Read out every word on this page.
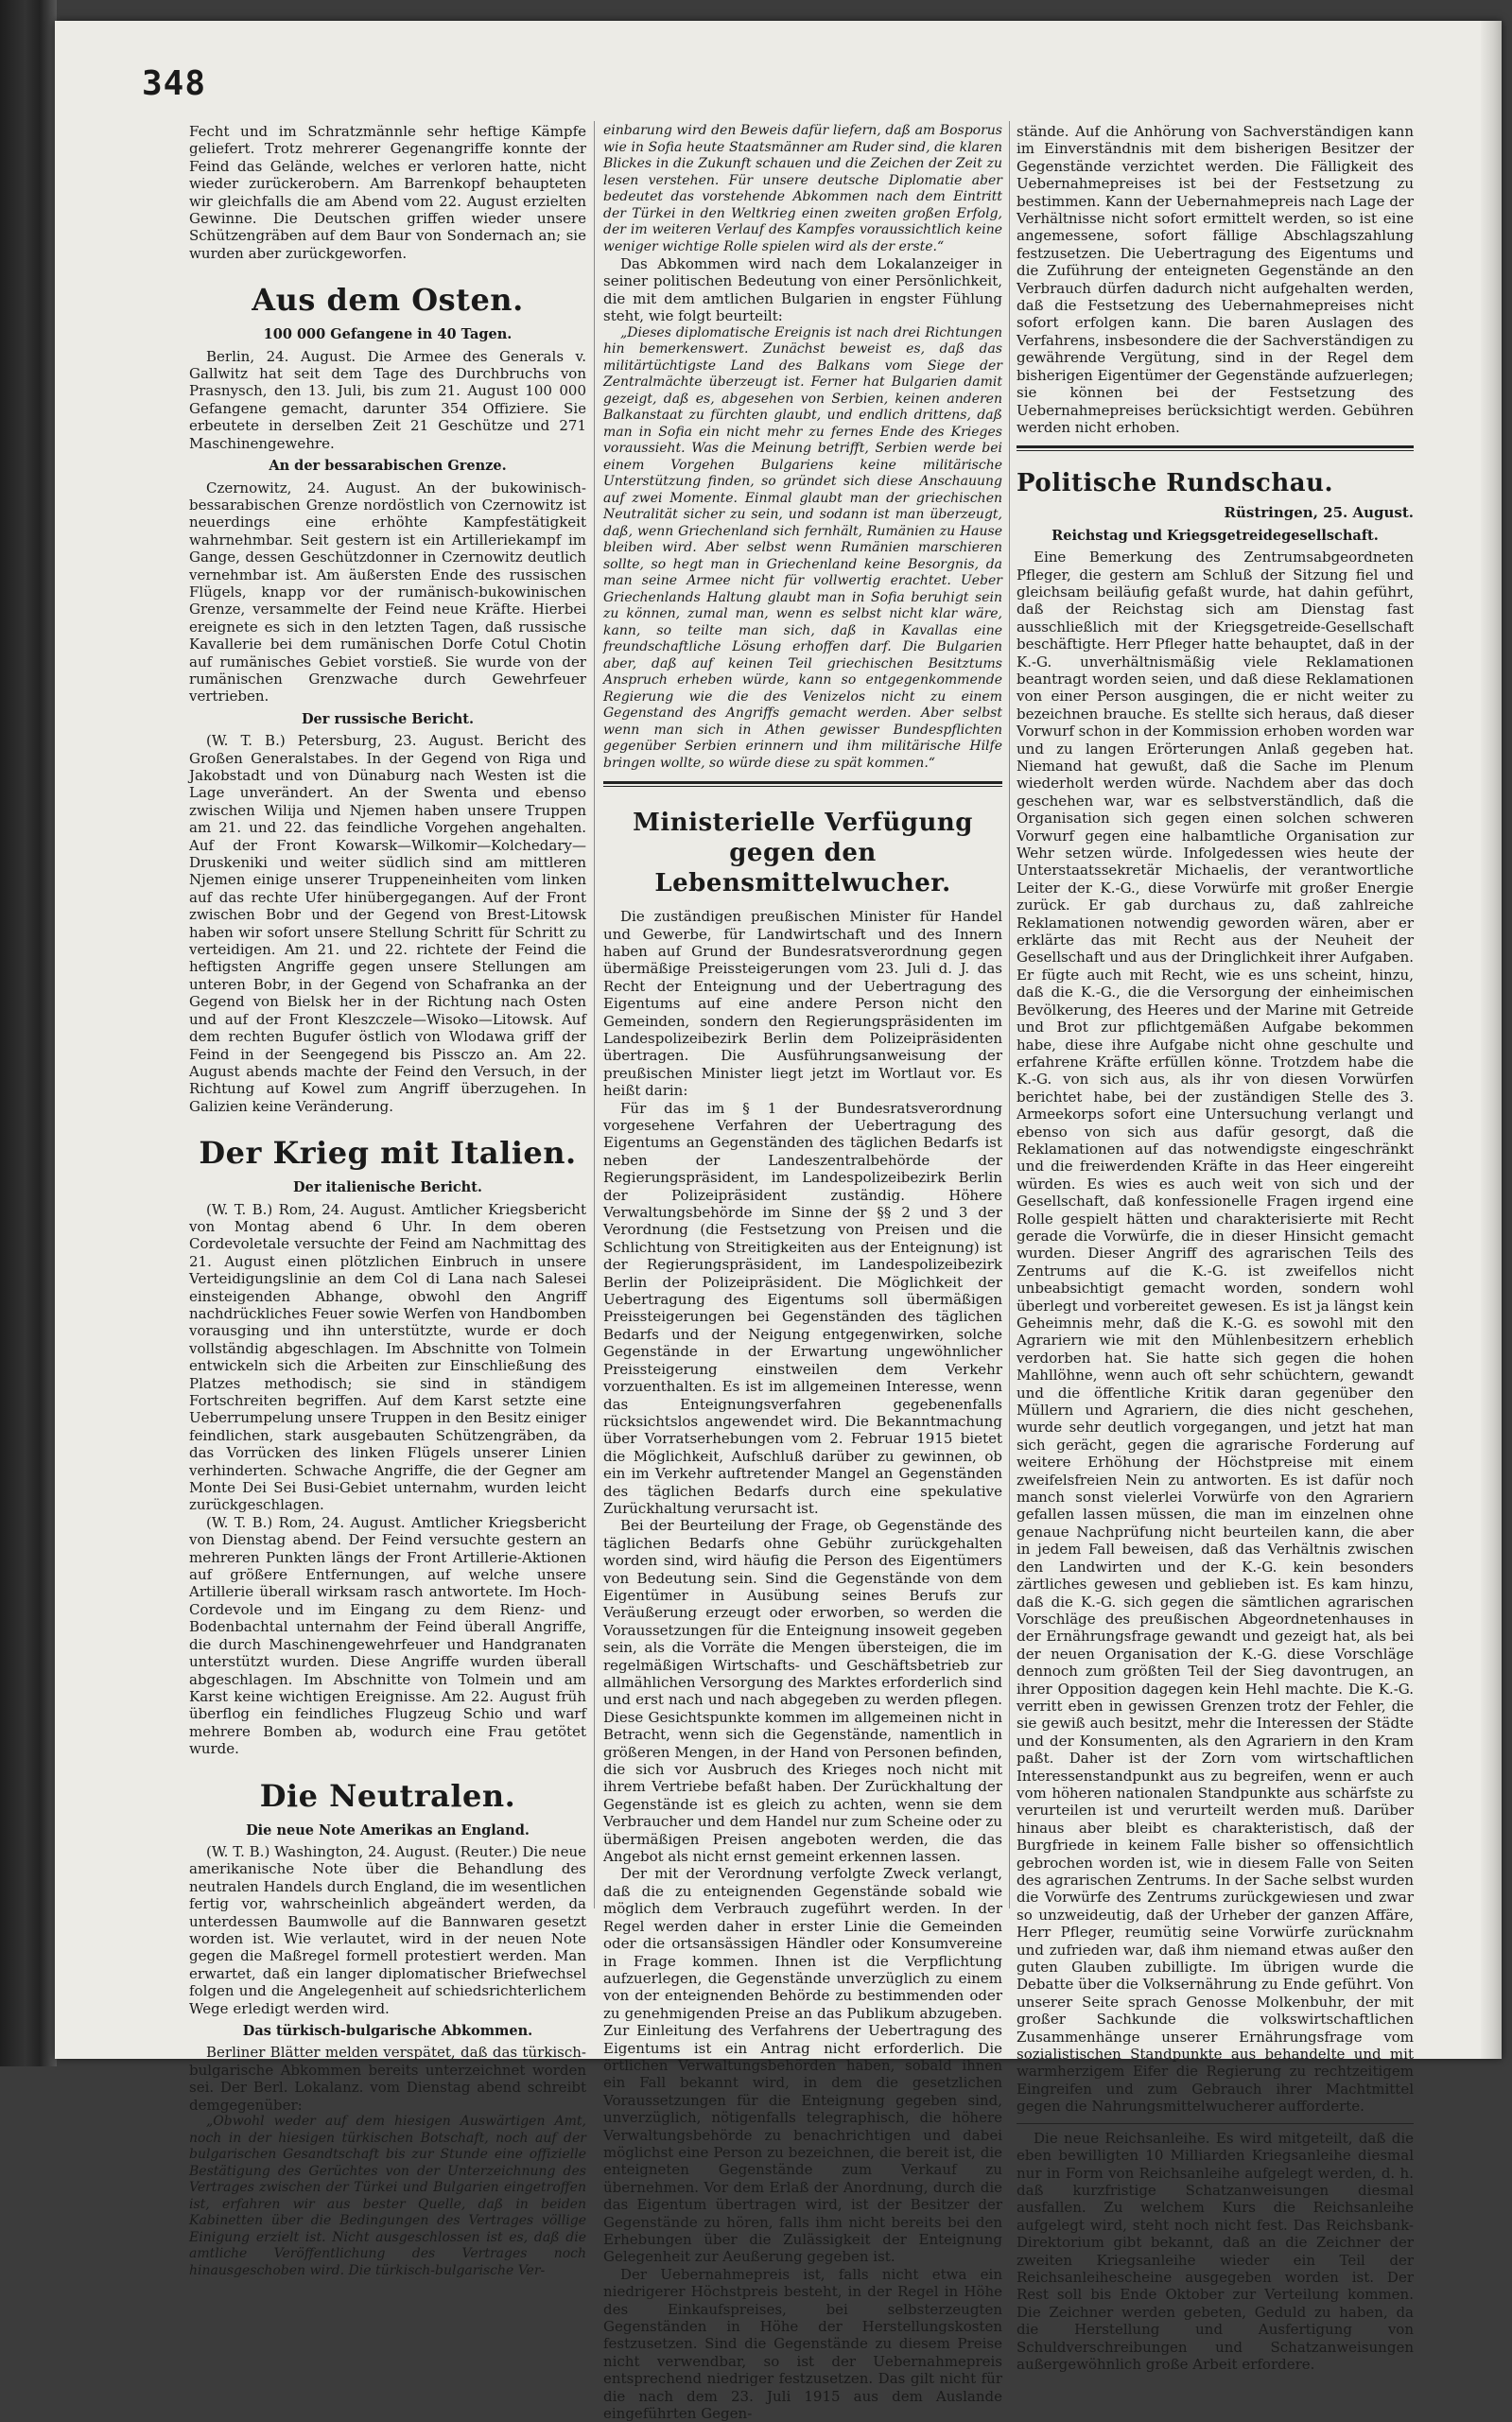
348

Fecht und im Schratzmännle sehr heftige Kämpfe geliefert. Trotz mehrerer Gegenangriffe konnte der Feind das Gelände, welches er verloren hatte, nicht wieder zurückerobern. Am Barrenkopf behaupteten wir gleichfalls die am Abend vom 22. August erzielten Gewinne. Die Deutschen griffen wieder unsere Schützengräben auf dem Baur von Sondernach an; sie wurden aber zurückgeworfen.

Aus dem Osten.
100 000 Gefangene in 40 Tagen.

Berlin, 24. August. Die Armee des Generals v. Gallwitz hat seit dem Tage des Durchbruchs von Prasnysch, den 13. Juli, bis zum 21. August 100 000 Gefangene gemacht, darunter 354 Offiziere. Sie erbeutete in derselben Zeit 21 Geschütze und 271 Maschinengewehre.

An der bessarabischen Grenze.

Czernowitz, 24. August. An der bukowinisch-bessarabischen Grenze nordöstlich von Czernowitz ist neuerdings eine erhöhte Kampfestätigkeit wahrnehmbar. Seit gestern ist ein Artilleriekampf im Gange, dessen Geschützdonner in Czernowitz deutlich vernehmbar ist. Am äußersten Ende des russischen Flügels, knapp vor der rumänisch-bukowinischen Grenze, versammelte der Feind neue Kräfte. Hierbei ereignete es sich in den letzten Tagen, daß russische Kavallerie bei dem rumänischen Dorfe Cotul Chotin auf rumänisches Gebiet vorstieß. Sie wurde von der rumänischen Grenzwache durch Gewehrfeuer vertrieben.

Der russische Bericht.

(W. T. B.) Petersburg, 23. August. Bericht des Großen Generalstabes. In der Gegend von Riga und Jakobstadt und von Dünaburg nach Westen ist die Lage unverändert. An der Swenta und ebenso zwischen Wilija und Njemen haben unsere Truppen am 21. und 22. das feindliche Vorgehen angehalten. Auf der Front Kowarsk—Wilkomir—Kolchedary—Druskeniki und weiter südlich sind am mittleren Njemen einige unserer Truppeneinheiten vom linken auf das rechte Ufer hinübergegangen. Auf der Front zwischen Bobr und der Gegend von Brest-Litowsk haben wir sofort unsere Stellung Schritt für Schritt zu verteidigen. Am 21. und 22. richtete der Feind die heftigsten Angriffe gegen unsere Stellungen am unteren Bobr, in der Gegend von Schafranka an der Gegend von Bielsk her in der Richtung nach Osten und auf der Front Kleszczele—Wisoko—Litowsk. Auf dem rechten Bugufer östlich von Wlodawa griff der Feind in der Seengegend bis Pissczo an. Am 22. August abends machte der Feind den Versuch, in der Richtung auf Kowel zum Angriff überzugehen. In Galizien keine Veränderung.

Der Krieg mit Italien.
Der italienische Bericht.

(W. T. B.) Rom, 24. August. Amtlicher Kriegsbericht von Montag abend 6 Uhr. In dem oberen Cordevoletale versuchte der Feind am Nachmittag des 21. August einen plötzlichen Einbruch in unsere Verteidigungslinie an dem Col di Lana nach Salesei einsteigenden Abhange, obwohl den Angriff nachdrückliches Feuer sowie Werfen von Handbomben vorausging und ihn unterstützte, wurde er doch vollständig abgeschlagen. Im Abschnitte von Tolmein entwickeln sich die Arbeiten zur Einschließung des Platzes methodisch; sie sind in ständigem Fortschreiten begriffen. Auf dem Karst setzte eine Ueberrumpelung unsere Truppen in den Besitz einiger feindlichen, stark ausgebauten Schützengräben, da das Vorrücken des linken Flügels unserer Linien verhinderten. Schwache Angriffe, die der Gegner am Monte Dei Sei Busi-Gebiet unternahm, wurden leicht zurückgeschlagen.

(W. T. B.) Rom, 24. August. Amtlicher Kriegsbericht von Dienstag abend. Der Feind versuchte gestern an mehreren Punkten längs der Front Artillerie-Aktionen auf größere Entfernungen, auf welche unsere Artillerie überall wirksam rasch antwortete. Im Hoch-Cordevole und im Eingang zu dem Rienz- und Bodenbachtal unternahm der Feind überall Angriffe, die durch Maschinengewehrfeuer und Handgranaten unterstützt wurden. Diese Angriffe wurden überall abgeschlagen. Im Abschnitte von Tolmein und am Karst keine wichtigen Ereignisse. Am 22. August früh überflog ein feindliches Flugzeug Schio und warf mehrere Bomben ab, wodurch eine Frau getötet wurde.

Die Neutralen.
Die neue Note Amerikas an England.

(W. T. B.) Washington, 24. August. (Reuter.) Die neue amerikanische Note über die Behandlung des neutralen Handels durch England, die im wesentlichen fertig vor, wahrscheinlich abgeändert werden, da unterdessen Baumwolle auf die Bannwaren gesetzt worden ist. Wie verlautet, wird in der neuen Note gegen die Maßregel formell protestiert werden. Man erwartet, daß ein langer diplomatischer Briefwechsel folgen und die Angelegenheit auf schiedsrichterlichem Wege erledigt werden wird.

Das türkisch-bulgarische Abkommen.

Berliner Blätter melden verspätet, daß das türkisch-bulgarische Abkommen bereits unterzeichnet worden sei. Der Berl. Lokalanz. vom Dienstag abend schreibt demgegenüber:

„Obwohl weder auf dem hiesigen Auswärtigen Amt, noch in der hiesigen türkischen Botschaft, noch auf der bulgarischen Gesandtschaft bis zur Stunde eine offizielle Bestätigung des Gerüchtes von der Unterzeichnung des Vertrages zwischen der Türkei und Bulgarien eingetroffen ist, erfahren wir aus bester Quelle, daß in beiden Kabinetten über die Bedingungen des Vertrages völlige Einigung erzielt ist. Nicht ausgeschlossen ist es, daß die amtliche Veröffentlichung des Vertrages noch hinausgeschoben wird. Die türkisch-bulgarische Ver-

einbarung wird den Beweis dafür liefern, daß am Bosporus wie in Sofia heute Staatsmänner am Ruder sind, die klaren Blickes in die Zukunft schauen und die Zeichen der Zeit zu lesen verstehen. Für unsere deutsche Diplomatie aber bedeutet das vorstehende Abkommen nach dem Eintritt der Türkei in den Weltkrieg einen zweiten großen Erfolg, der im weiteren Verlauf des Kampfes voraussichtlich keine weniger wichtige Rolle spielen wird als der erste.“

Das Abkommen wird nach dem Lokalanzeiger in seiner politischen Bedeutung von einer Persönlichkeit, die mit dem amtlichen Bulgarien in engster Fühlung steht, wie folgt beurteilt:

„Dieses diplomatische Ereignis ist nach drei Richtungen hin bemerkenswert. Zunächst beweist es, daß das militärtüchtigste Land des Balkans vom Siege der Zentralmächte überzeugt ist. Ferner hat Bulgarien damit gezeigt, daß es, abgesehen von Serbien, keinen anderen Balkanstaat zu fürchten glaubt, und endlich drittens, daß man in Sofia ein nicht mehr zu fernes Ende des Krieges voraussieht. Was die Meinung betrifft, Serbien werde bei einem Vorgehen Bulgariens keine militärische Unterstützung finden, so gründet sich diese Anschauung auf zwei Momente. Einmal glaubt man der griechischen Neutralität sicher zu sein, und sodann ist man überzeugt, daß, wenn Griechenland sich fernhält, Rumänien zu Hause bleiben wird. Aber selbst wenn Rumänien marschieren sollte, so hegt man in Griechenland keine Besorgnis, da man seine Armee nicht für vollwertig erachtet. Ueber Griechenlands Haltung glaubt man in Sofia beruhigt sein zu können, zumal man, wenn es selbst nicht klar wäre, kann, so teilte man sich, daß in Kavallas eine freundschaftliche Lösung erhoffen darf. Die Bulgarien aber, daß auf keinen Teil griechischen Besitztums Anspruch erheben würde, kann so entgegenkommende Regierung wie die des Venizelos nicht zu einem Gegenstand des Angriffs gemacht werden. Aber selbst wenn man sich in Athen gewisser Bundespflichten gegenüber Serbien erinnern und ihm militärische Hilfe bringen wollte, so würde diese zu spät kommen.“

Ministerielle Verfügung gegen den Lebensmittelwucher.

Die zuständigen preußischen Minister für Handel und Gewerbe, für Landwirtschaft und des Innern haben auf Grund der Bundesratsverordnung gegen übermäßige Preissteigerungen vom 23. Juli d. J. das Recht der Enteignung und der Uebertragung des Eigentums auf eine andere Person nicht den Gemeinden, sondern den Regierungspräsidenten im Landespolizeibezirk Berlin dem Polizeipräsidenten übertragen. Die Ausführungsanweisung der preußischen Minister liegt jetzt im Wortlaut vor. Es heißt darin:

Für das im § 1 der Bundesratsverordnung vorgesehene Verfahren der Uebertragung des Eigentums an Gegenständen des täglichen Bedarfs ist neben der Landeszentralbehörde der Regierungspräsident, im Landespolizeibezirk Berlin der Polizeipräsident zuständig. Höhere Verwaltungsbehörde im Sinne der §§ 2 und 3 der Verordnung (die Festsetzung von Preisen und die Schlichtung von Streitigkeiten aus der Enteignung) ist der Regierungspräsident, im Landespolizeibezirk Berlin der Polizeipräsident. Die Möglichkeit der Uebertragung des Eigentums soll übermäßigen Preissteigerungen bei Gegenständen des täglichen Bedarfs und der Neigung entgegenwirken, solche Gegenstände in der Erwartung ungewöhnlicher Preissteigerung einstweilen dem Verkehr vorzuenthalten. Es ist im allgemeinen Interesse, wenn das Enteignungsverfahren gegebenenfalls rücksichtslos angewendet wird. Die Bekanntmachung über Vorratserhebungen vom 2. Februar 1915 bietet die Möglichkeit, Aufschluß darüber zu gewinnen, ob ein im Verkehr auftretender Mangel an Gegenständen des täglichen Bedarfs durch eine spekulative Zurückhaltung verursacht ist.

Bei der Beurteilung der Frage, ob Gegenstände des täglichen Bedarfs ohne Gebühr zurückgehalten worden sind, wird häufig die Person des Eigentümers von Bedeutung sein. Sind die Gegenstände von dem Eigentümer in Ausübung seines Berufs zur Veräußerung erzeugt oder erworben, so werden die Voraussetzungen für die Enteignung insoweit gegeben sein, als die Vorräte die Mengen übersteigen, die im regelmäßigen Wirtschafts- und Geschäftsbetrieb zur allmählichen Versorgung des Marktes erforderlich sind und erst nach und nach abgegeben zu werden pflegen. Diese Gesichtspunkte kommen im allgemeinen nicht in Betracht, wenn sich die Gegenstände, namentlich in größeren Mengen, in der Hand von Personen befinden, die sich vor Ausbruch des Krieges noch nicht mit ihrem Vertriebe befaßt haben. Der Zurückhaltung der Gegenstände ist es gleich zu achten, wenn sie dem Verbraucher und dem Handel nur zum Scheine oder zu übermäßigen Preisen angeboten werden, die das Angebot als nicht ernst gemeint erkennen lassen.

Der mit der Verordnung verfolgte Zweck verlangt, daß die zu enteignenden Gegenstände sobald wie möglich dem Verbrauch zugeführt werden. In der Regel werden daher in erster Linie die Gemeinden oder die ortsansässigen Händler oder Konsumvereine in Frage kommen. Ihnen ist die Verpflichtung aufzuerlegen, die Gegenstände unverzüglich zu einem von der enteignenden Behörde zu bestimmenden oder zu genehmigenden Preise an das Publikum abzugeben. Zur Einleitung des Verfahrens der Uebertragung des Eigentums ist ein Antrag nicht erforderlich. Die örtlichen Verwaltungsbehörden haben, sobald ihnen ein Fall bekannt wird, in dem die gesetzlichen Voraussetzungen für die Enteignung gegeben sind, unverzüglich, nötigenfalls telegraphisch, die höhere Verwaltungsbehörde zu benachrichtigen und dabei möglichst eine Person zu bezeichnen, die bereit ist, die enteigneten Gegenstände zum Verkauf zu übernehmen. Vor dem Erlaß der Anordnung, durch die das Eigentum übertragen wird, ist der Besitzer der Gegenstände zu hören, falls ihm nicht bereits bei den Erhebungen über die Zulässigkeit der Enteignung Gelegenheit zur Aeußerung gegeben ist.

Der Uebernahmepreis ist, falls nicht etwa ein niedrigerer Höchstpreis besteht, in der Regel in Höhe des Einkaufspreises, bei selbsterzeugten Gegenständen in Höhe der Herstellungskosten festzusetzen. Sind die Gegenstände zu diesem Preise nicht verwendbar, so ist der Uebernahmepreis entsprechend niedriger festzusetzen. Das gilt nicht für die nach dem 23. Juli 1915 aus dem Auslande eingeführten Gegen-

stände. Auf die Anhörung von Sachverständigen kann im Einverständnis mit dem bisherigen Besitzer der Gegenstände verzichtet werden. Die Fälligkeit des Uebernahmepreises ist bei der Festsetzung zu bestimmen. Kann der Uebernahmepreis nach Lage der Verhältnisse nicht sofort ermittelt werden, so ist eine angemessene, sofort fällige Abschlagszahlung festzusetzen. Die Uebertragung des Eigentums und die Zuführung der enteigneten Gegenstände an den Verbrauch dürfen dadurch nicht aufgehalten werden, daß die Festsetzung des Uebernahmepreises nicht sofort erfolgen kann. Die baren Auslagen des Verfahrens, insbesondere die der Sachverständigen zu gewährende Vergütung, sind in der Regel dem bisherigen Eigentümer der Gegenstände aufzuerlegen; sie können bei der Festsetzung des Uebernahmepreises berücksichtigt werden. Gebühren werden nicht erhoben.

Politische Rundschau.
Rüstringen, 25. August.
Reichstag und Kriegsgetreidegesellschaft.

Eine Bemerkung des Zentrumsabgeordneten Pfleger, die gestern am Schluß der Sitzung fiel und gleichsam beiläufig gefaßt wurde, hat dahin geführt, daß der Reichstag sich am Dienstag fast ausschließlich mit der Kriegsgetreide-Gesellschaft beschäftigte. Herr Pfleger hatte behauptet, daß in der K.-G. unverhältnismäßig viele Reklamationen beantragt worden seien, und daß diese Reklamationen von einer Person ausgingen, die er nicht weiter zu bezeichnen brauche. Es stellte sich heraus, daß dieser Vorwurf schon in der Kommission erhoben worden war und zu langen Erörterungen Anlaß gegeben hat. Niemand hat gewußt, daß die Sache im Plenum wiederholt werden würde. Nachdem aber das doch geschehen war, war es selbstverständlich, daß die Organisation sich gegen einen solchen schweren Vorwurf gegen eine halbamtliche Organisation zur Wehr setzen würde. Infolgedessen wies heute der Unterstaatssekretär Michaelis, der verantwortliche Leiter der K.-G., diese Vorwürfe mit großer Energie zurück. Er gab durchaus zu, daß zahlreiche Reklamationen notwendig geworden wären, aber er erklärte das mit Recht aus der Neuheit der Gesellschaft und aus der Dringlichkeit ihrer Aufgaben. Er fügte auch mit Recht, wie es uns scheint, hinzu, daß die K.-G., die die Versorgung der einheimischen Bevölkerung, des Heeres und der Marine mit Getreide und Brot zur pflichtgemäßen Aufgabe bekommen habe, diese ihre Aufgabe nicht ohne geschulte und erfahrene Kräfte erfüllen könne. Trotzdem habe die K.-G. von sich aus, als ihr von diesen Vorwürfen berichtet habe, bei der zuständigen Stelle des 3. Armeekorps sofort eine Untersuchung verlangt und ebenso von sich aus dafür gesorgt, daß die Reklamationen auf das notwendigste eingeschränkt und die freiwerdenden Kräfte in das Heer eingereiht würden. Es wies es auch weit von sich und der Gesellschaft, daß konfessionelle Fragen irgend eine Rolle gespielt hätten und charakterisierte mit Recht gerade die Vorwürfe, die in dieser Hinsicht gemacht wurden. Dieser Angriff des agrarischen Teils des Zentrums auf die K.-G. ist zweifellos nicht unbeabsichtigt gemacht worden, sondern wohl überlegt und vorbereitet gewesen. Es ist ja längst kein Geheimnis mehr, daß die K.-G. es sowohl mit den Agrariern wie mit den Mühlenbesitzern erheblich verdorben hat. Sie hatte sich gegen die hohen Mahllöhne, wenn auch oft sehr schüchtern, gewandt und die öffentliche Kritik daran gegenüber den Müllern und Agrariern, die dies nicht geschehen, wurde sehr deutlich vorgegangen, und jetzt hat man sich gerächt, gegen die agrarische Forderung auf weitere Erhöhung der Höchstpreise mit einem zweifelsfreien Nein zu antworten. Es ist dafür noch manch sonst vielerlei Vorwürfe von den Agrariern gefallen lassen müssen, die man im einzelnen ohne genaue Nachprüfung nicht beurteilen kann, die aber in jedem Fall beweisen, daß das Verhältnis zwischen den Landwirten und der K.-G. kein besonders zärtliches gewesen und geblieben ist. Es kam hinzu, daß die K.-G. sich gegen die sämtlichen agrarischen Vorschläge des preußischen Abgeordnetenhauses in der Ernährungsfrage gewandt und gezeigt hat, als bei der neuen Organisation der K.-G. diese Vorschläge dennoch zum größten Teil der Sieg davontrugen, an ihrer Opposition dagegen kein Hehl machte. Die K.-G. verritt eben in gewissen Grenzen trotz der Fehler, die sie gewiß auch besitzt, mehr die Interessen der Städte und der Konsumenten, als den Agrariern in den Kram paßt. Daher ist der Zorn vom wirtschaftlichen Interessenstandpunkt aus zu begreifen, wenn er auch vom höheren nationalen Standpunkte aus schärfste zu verurteilen ist und verurteilt werden muß. Darüber hinaus aber bleibt es charakteristisch, daß der Burgfriede in keinem Falle bisher so offensichtlich gebrochen worden ist, wie in diesem Falle von Seiten des agrarischen Zentrums. In der Sache selbst wurden die Vorwürfe des Zentrums zurückgewiesen und zwar so unzweideutig, daß der Urheber der ganzen Affäre, Herr Pfleger, reumütig seine Vorwürfe zurücknahm und zufrieden war, daß ihm niemand etwas außer den guten Glauben zubilligte. Im übrigen wurde die Debatte über die Volksernährung zu Ende geführt. Von unserer Seite sprach Genosse Molkenbuhr, der mit großer Sachkunde die volkswirtschaftlichen Zusammenhänge unserer Ernährungsfrage vom sozialistischen Standpunkte aus behandelte und mit warmherzigem Eifer die Regierung zu rechtzeitigem Eingreifen und zum Gebrauch ihrer Machtmittel gegen die Nahrungsmittelwucherer aufforderte.

Die neue Reichsanleihe. Es wird mitgeteilt, daß die eben bewilligten 10 Milliarden Kriegsanleihe diesmal nur in Form von Reichsanleihe aufgelegt werden, d. h. daß kurzfristige Schatzanweisungen diesmal ausfallen. Zu welchem Kurs die Reichsanleihe aufgelegt wird, steht noch nicht fest. Das Reichsbank-Direktorium gibt bekannt, daß an die Zeichner der zweiten Kriegsanleihe wieder ein Teil der Reichsanleihescheine ausgegeben worden ist. Der Rest soll bis Ende Oktober zur Verteilung kommen. Die Zeichner werden gebeten, Geduld zu haben, da die Herstellung und Ausfertigung von Schuldverschreibungen und Schatzanweisungen außergewöhnlich große Arbeit erfordere.
